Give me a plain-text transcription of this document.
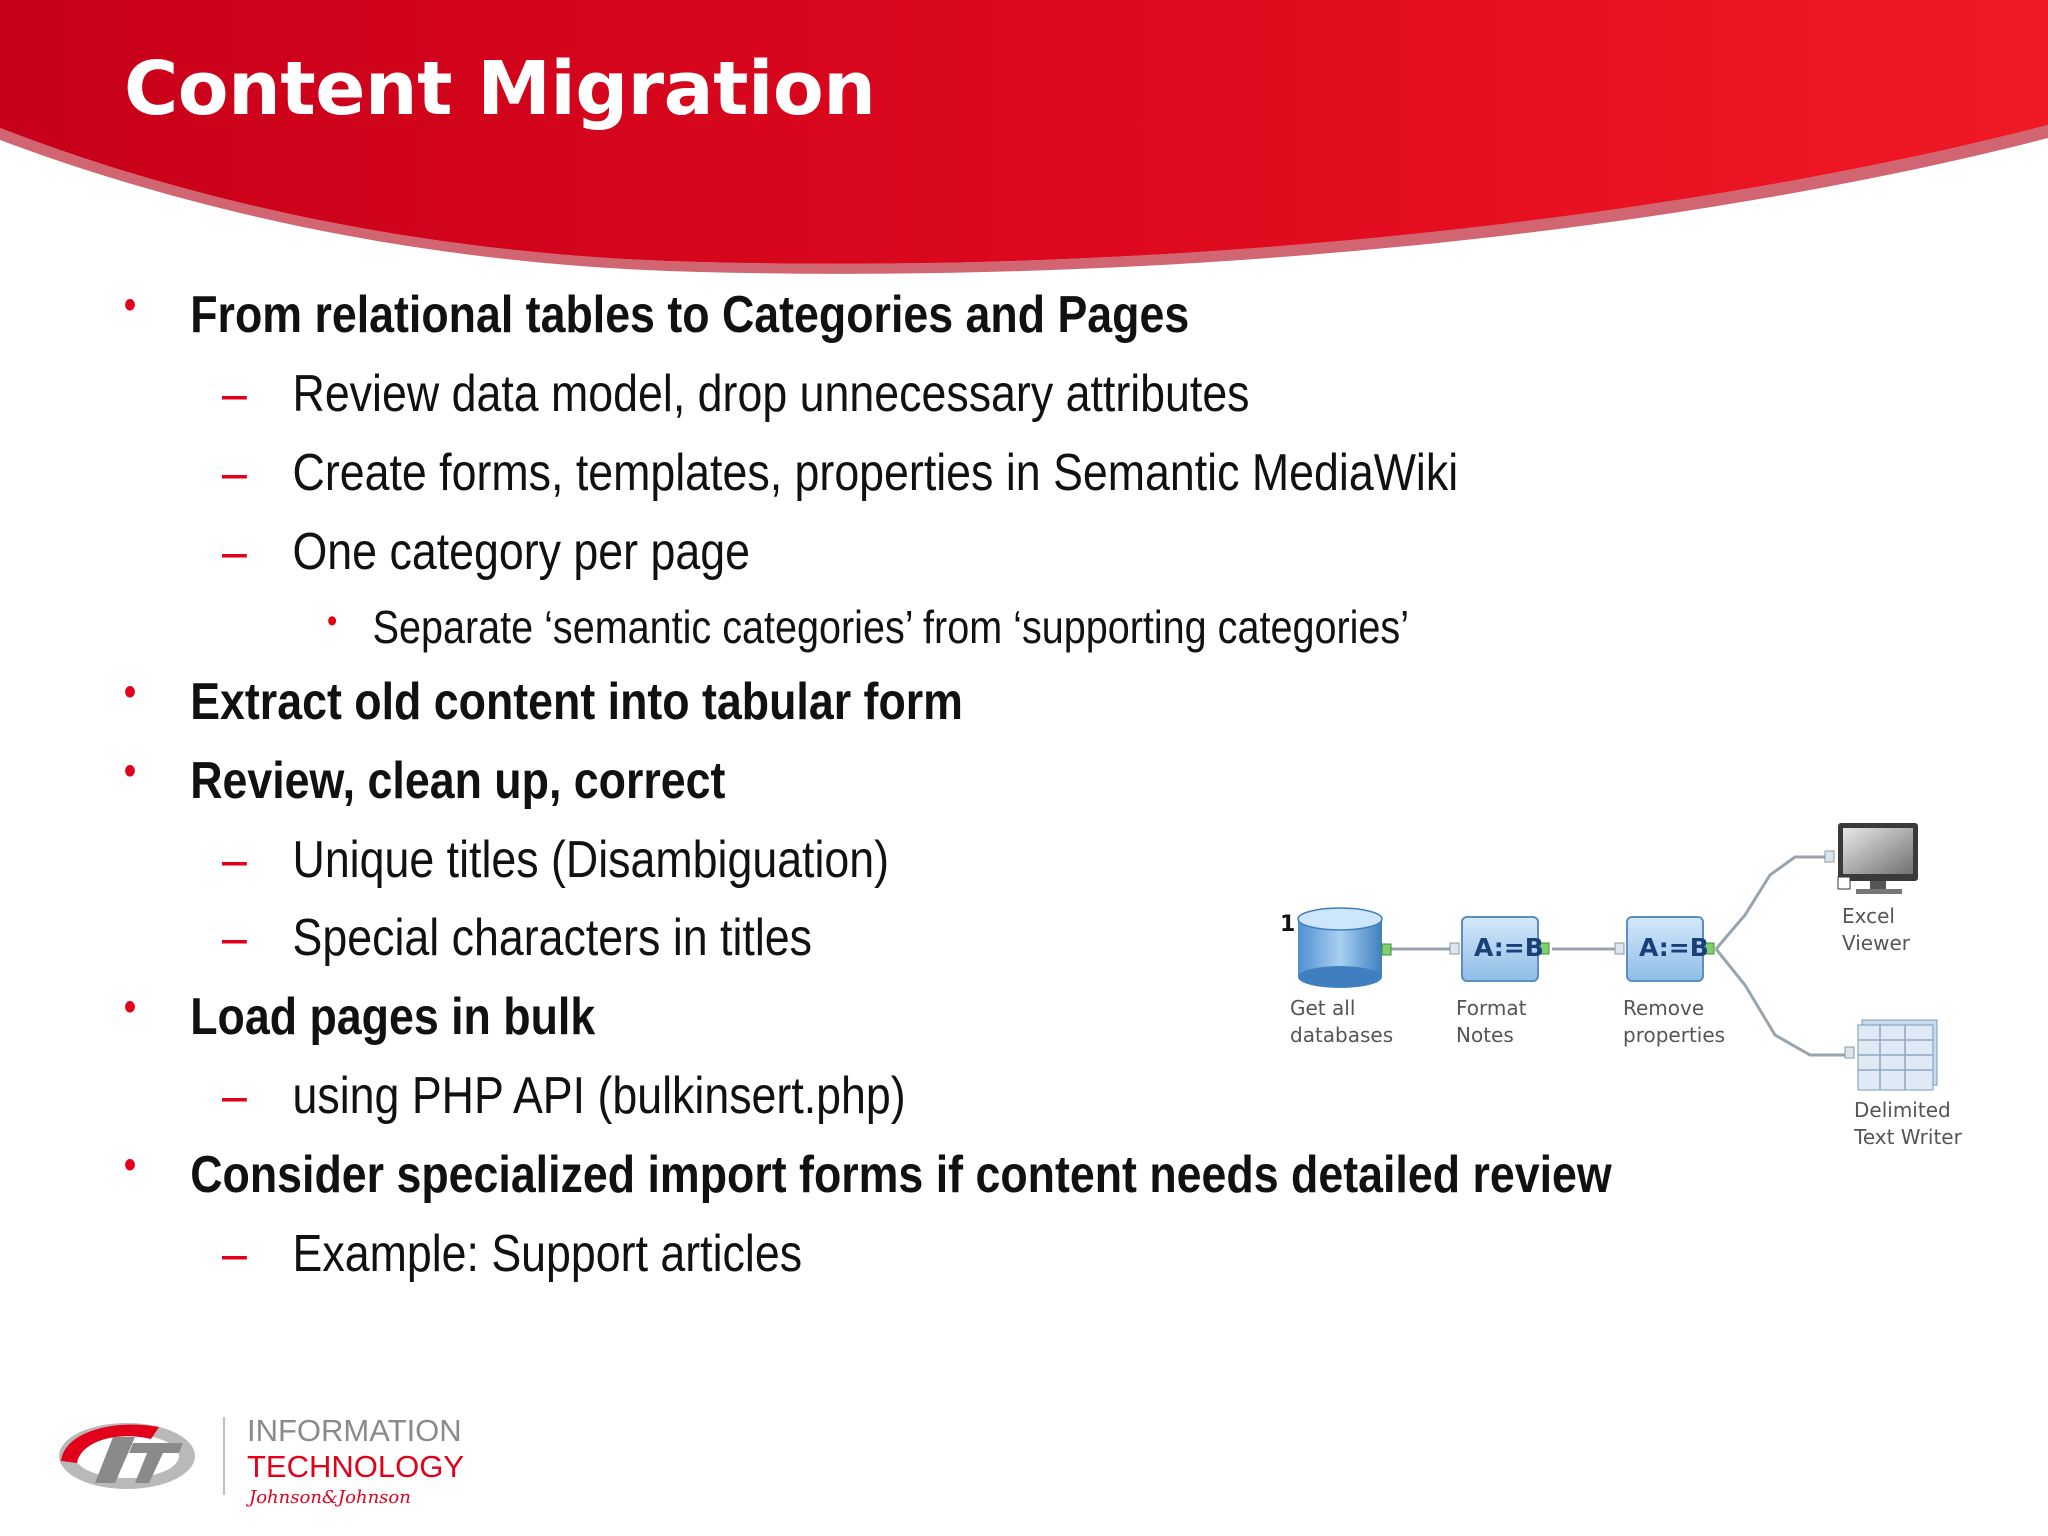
Content Migration
• From relational tables to Categories and Pages
– Review data model, drop unnecessary attributes
– Create forms, templates, properties in Semantic MediaWiki
– One category per page
• Separate ‘semantic categories’ from ‘supporting categories’
• Extract old content into tabular form
• Review, clean up, correct
– Unique titles (Disambiguation)
– Special characters in titles
• Load pages in bulk
– using PHP API (bulkinsert.php)
• Consider specialized import forms if content needs detailed review
– Example: Support articles
1
A:=B	A:=B
Get all
databases
Format
Notes
Remove
properties
Excel
Viewer
Delimited
Text Writer
INFORMATION
TECHNOLOGY
Johnson&Johnson
